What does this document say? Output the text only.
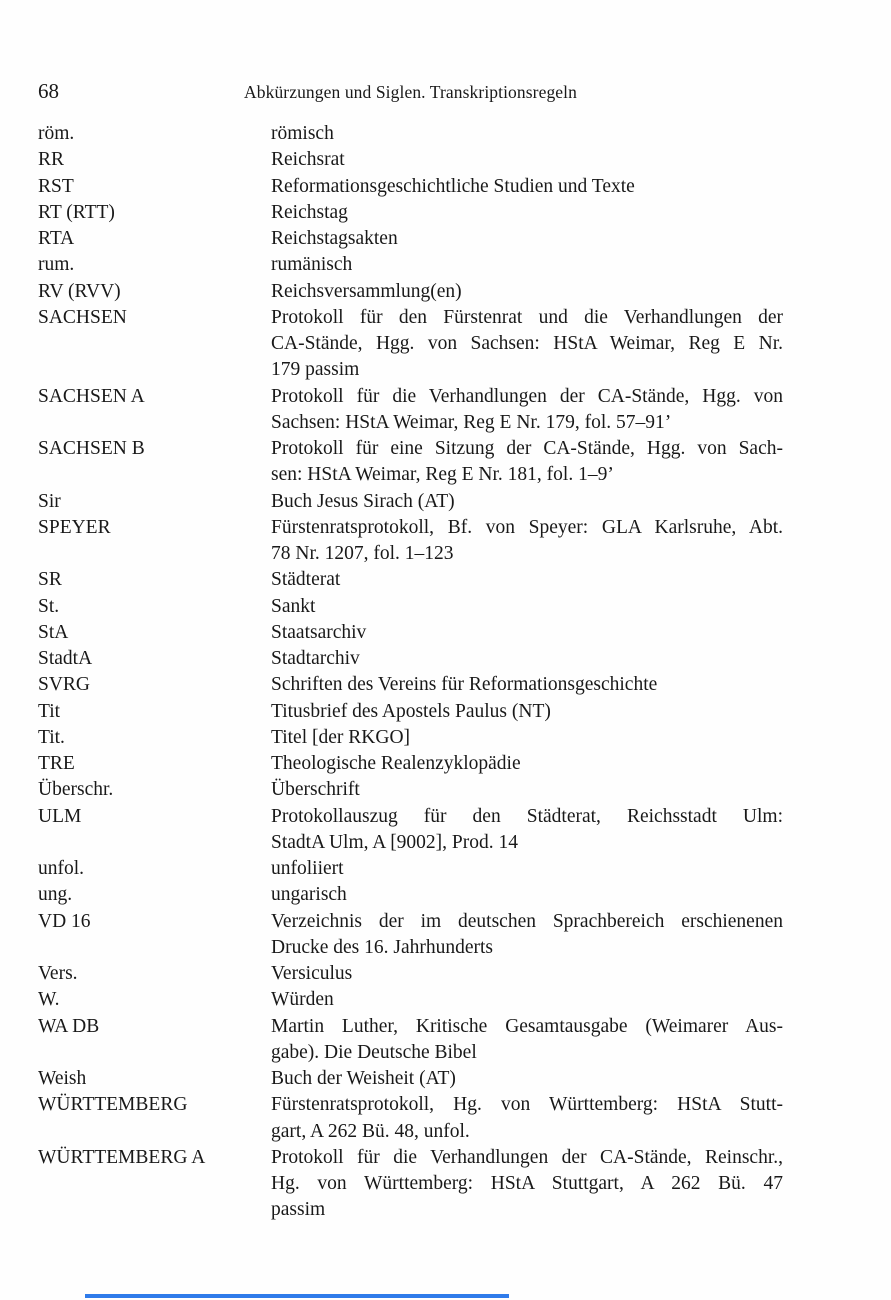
68	Abkürzungen und Siglen. Transkriptionsregeln
röm.	römisch
RR	Reichsrat
RST	Reformationsgeschichtliche Studien und Texte
RT (RTT)	Reichstag
RTA	Reichstagsakten
rum.	rumänisch
RV (RVV)	Reichsversammlung(en)
SACHSEN	Protokoll für den Fürstenrat und die Verhandlungen der
CA-Stände, Hgg. von Sachsen: HStA Weimar, Reg E Nr.
179 passim
SACHSEN A	Protokoll für die Verhandlungen der CA-Stände, Hgg. von
Sachsen: HStA Weimar, Reg E Nr. 179, fol. 57–91’
SACHSEN B	Protokoll für eine Sitzung der CA-Stände, Hgg. von Sach-
sen: HStA Weimar, Reg E Nr. 181, fol. 1–9’
Sir	Buch Jesus Sirach (AT)
SPEYER	Fürstenratsprotokoll, Bf. von Speyer: GLA Karlsruhe, Abt.
78 Nr. 1207, fol. 1–123
SR	Städterat
St.	Sankt
StA	Staatsarchiv
StadtA	Stadtarchiv
SVRG	Schriften des Vereins für Reformationsgeschichte
Tit	Titusbrief des Apostels Paulus (NT)
Tit.	Titel [der RKGO]
TRE	Theologische Realenzyklopädie
Überschr.	Überschrift
ULM	Protokollauszug für den Städterat, Reichsstadt Ulm:
StadtA Ulm, A [9002], Prod. 14
unfol.	unfoliiert
ung.	ungarisch
VD 16	Verzeichnis der im deutschen Sprachbereich erschienenen
Drucke des 16. Jahrhunderts
Vers.	Versiculus
W.	Würden
WA DB	Martin Luther, Kritische Gesamtausgabe (Weimarer Aus-
gabe). Die Deutsche Bibel
Weish	Buch der Weisheit (AT)
WÜRTTEMBERG	Fürstenratsprotokoll, Hg. von Württemberg: HStA Stutt-
gart, A 262 Bü. 48, unfol.
WÜRTTEMBERG A	Protokoll für die Verhandlungen der CA-Stände, Reinschr.,
Hg. von Württemberg: HStA Stuttgart, A 262 Bü. 47
passim
